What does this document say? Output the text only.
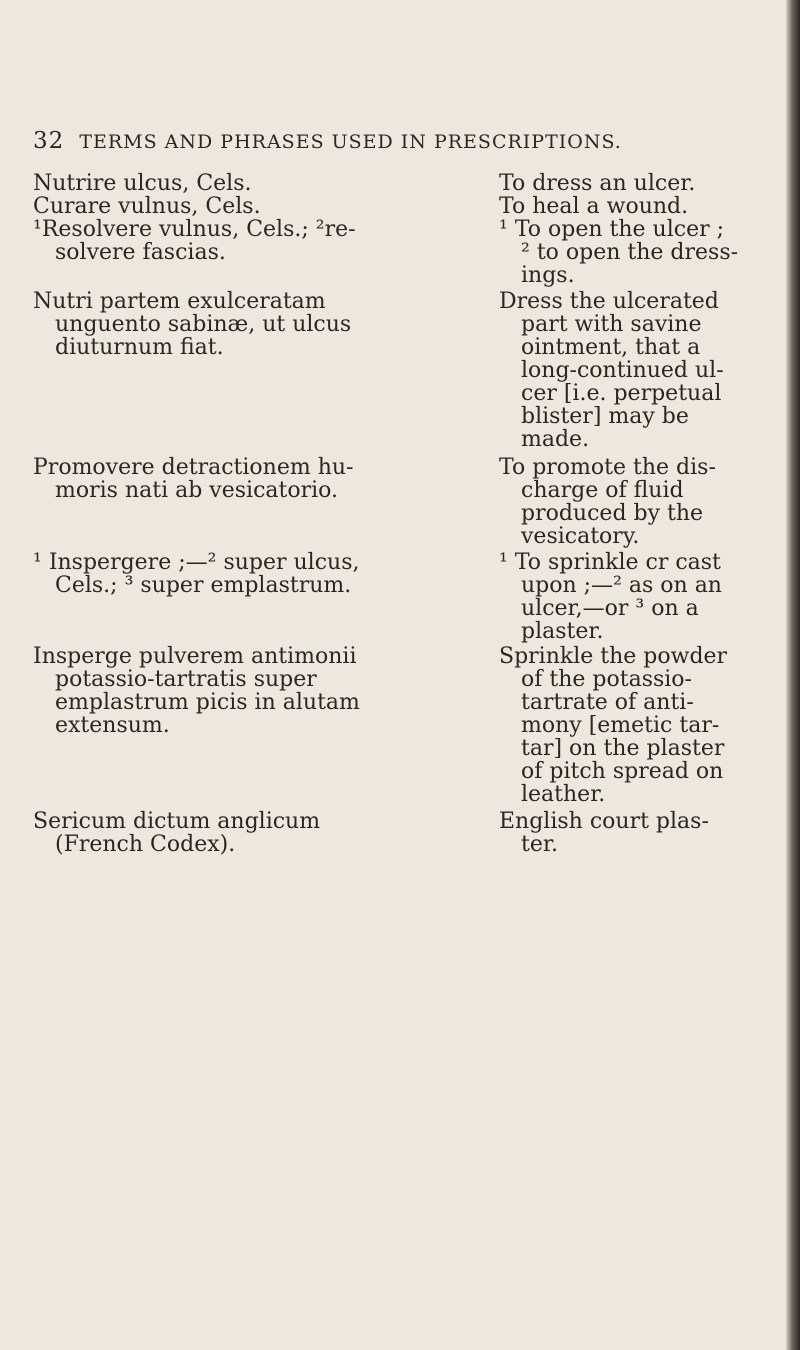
32 TERMS AND PHRASES USED IN PRESCRIPTIONS.
Nutrire ulcus, Cels.	To dress an ulcer.
Curare vulnus, Cels.	To heal a wound.
¹Resolvere vulnus, Cels.; ²re-
solvere fascias.
¹ To open the ulcer ;
² to open the dress-
ings.
Nutri partem exulceratam
unguento sabinæ, ut ulcus
diuturnum fiat.
Dress the ulcerated
part with savine
ointment, that a
long-continued ul-
cer [i.e. perpetual
blister] may be
made.
Promovere detractionem hu-
moris nati ab vesicatorio.
To promote the dis-
charge of fluid
produced by the
vesicatory.
¹ Inspergere ;—² super ulcus,
Cels.; ³ super emplastrum.
¹ To sprinkle cr cast
upon ;—² as on an
ulcer,—or ³ on a
plaster.
Insperge pulverem antimonii
potassio-tartratis super
emplastrum picis in alutam
extensum.
Sprinkle the powder
of the potassio-
tartrate of anti-
mony [emetic tar-
tar] on the plaster
of pitch spread on
leather.
Sericum dictum anglicum
(French Codex).
English court plas-
ter.
